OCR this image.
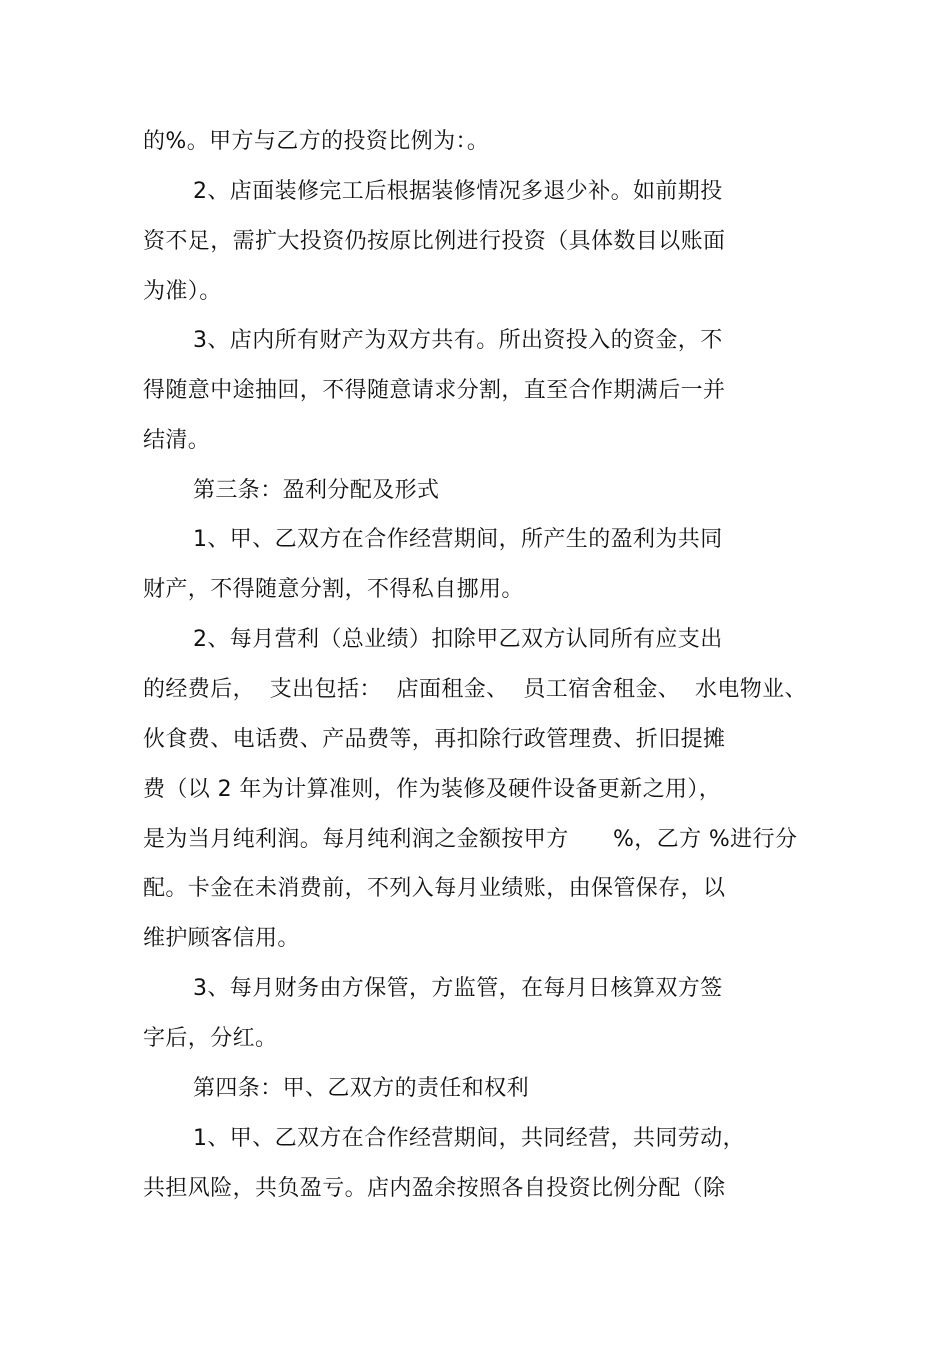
的%。甲方与乙方的投资比例为：。
2、店面装修完工后根据装修情况多退少补。如前期投
资不足，需扩大投资仍按原比例进行投资（具体数目以账面
为准）。
3、店内所有财产为双方共有。所出资投入的资金，不
得随意中途抽回，不得随意请求分割，直至合作期满后一并
结清。
第三条：盈利分配及形式
1、甲、乙双方在合作经营期间，所产生的盈利为共同
财产，不得随意分割，不得私自挪用。
2、每月营利（总业绩）扣除甲乙双方认同所有应支出
的经费后，  支出包括：  店面租金、  员工宿舍租金、  水电物业、
伙食费、电话费、产品费等，再扣除行政管理费、折旧提摊
费（以 2 年为计算准则，作为装修及硬件设备更新之用），
是为当月纯利润。每月纯利润之金额按甲方      %，乙方 %进行分
配。卡金在未消费前，不列入每月业绩账，由保管保存，以
维护顾客信用。
3、每月财务由方保管，方监管，在每月日核算双方签
字后，分红。
第四条：甲、乙双方的责任和权利
1、甲、乙双方在合作经营期间，共同经营，共同劳动，
共担风险，共负盈亏。店内盈余按照各自投资比例分配（除
